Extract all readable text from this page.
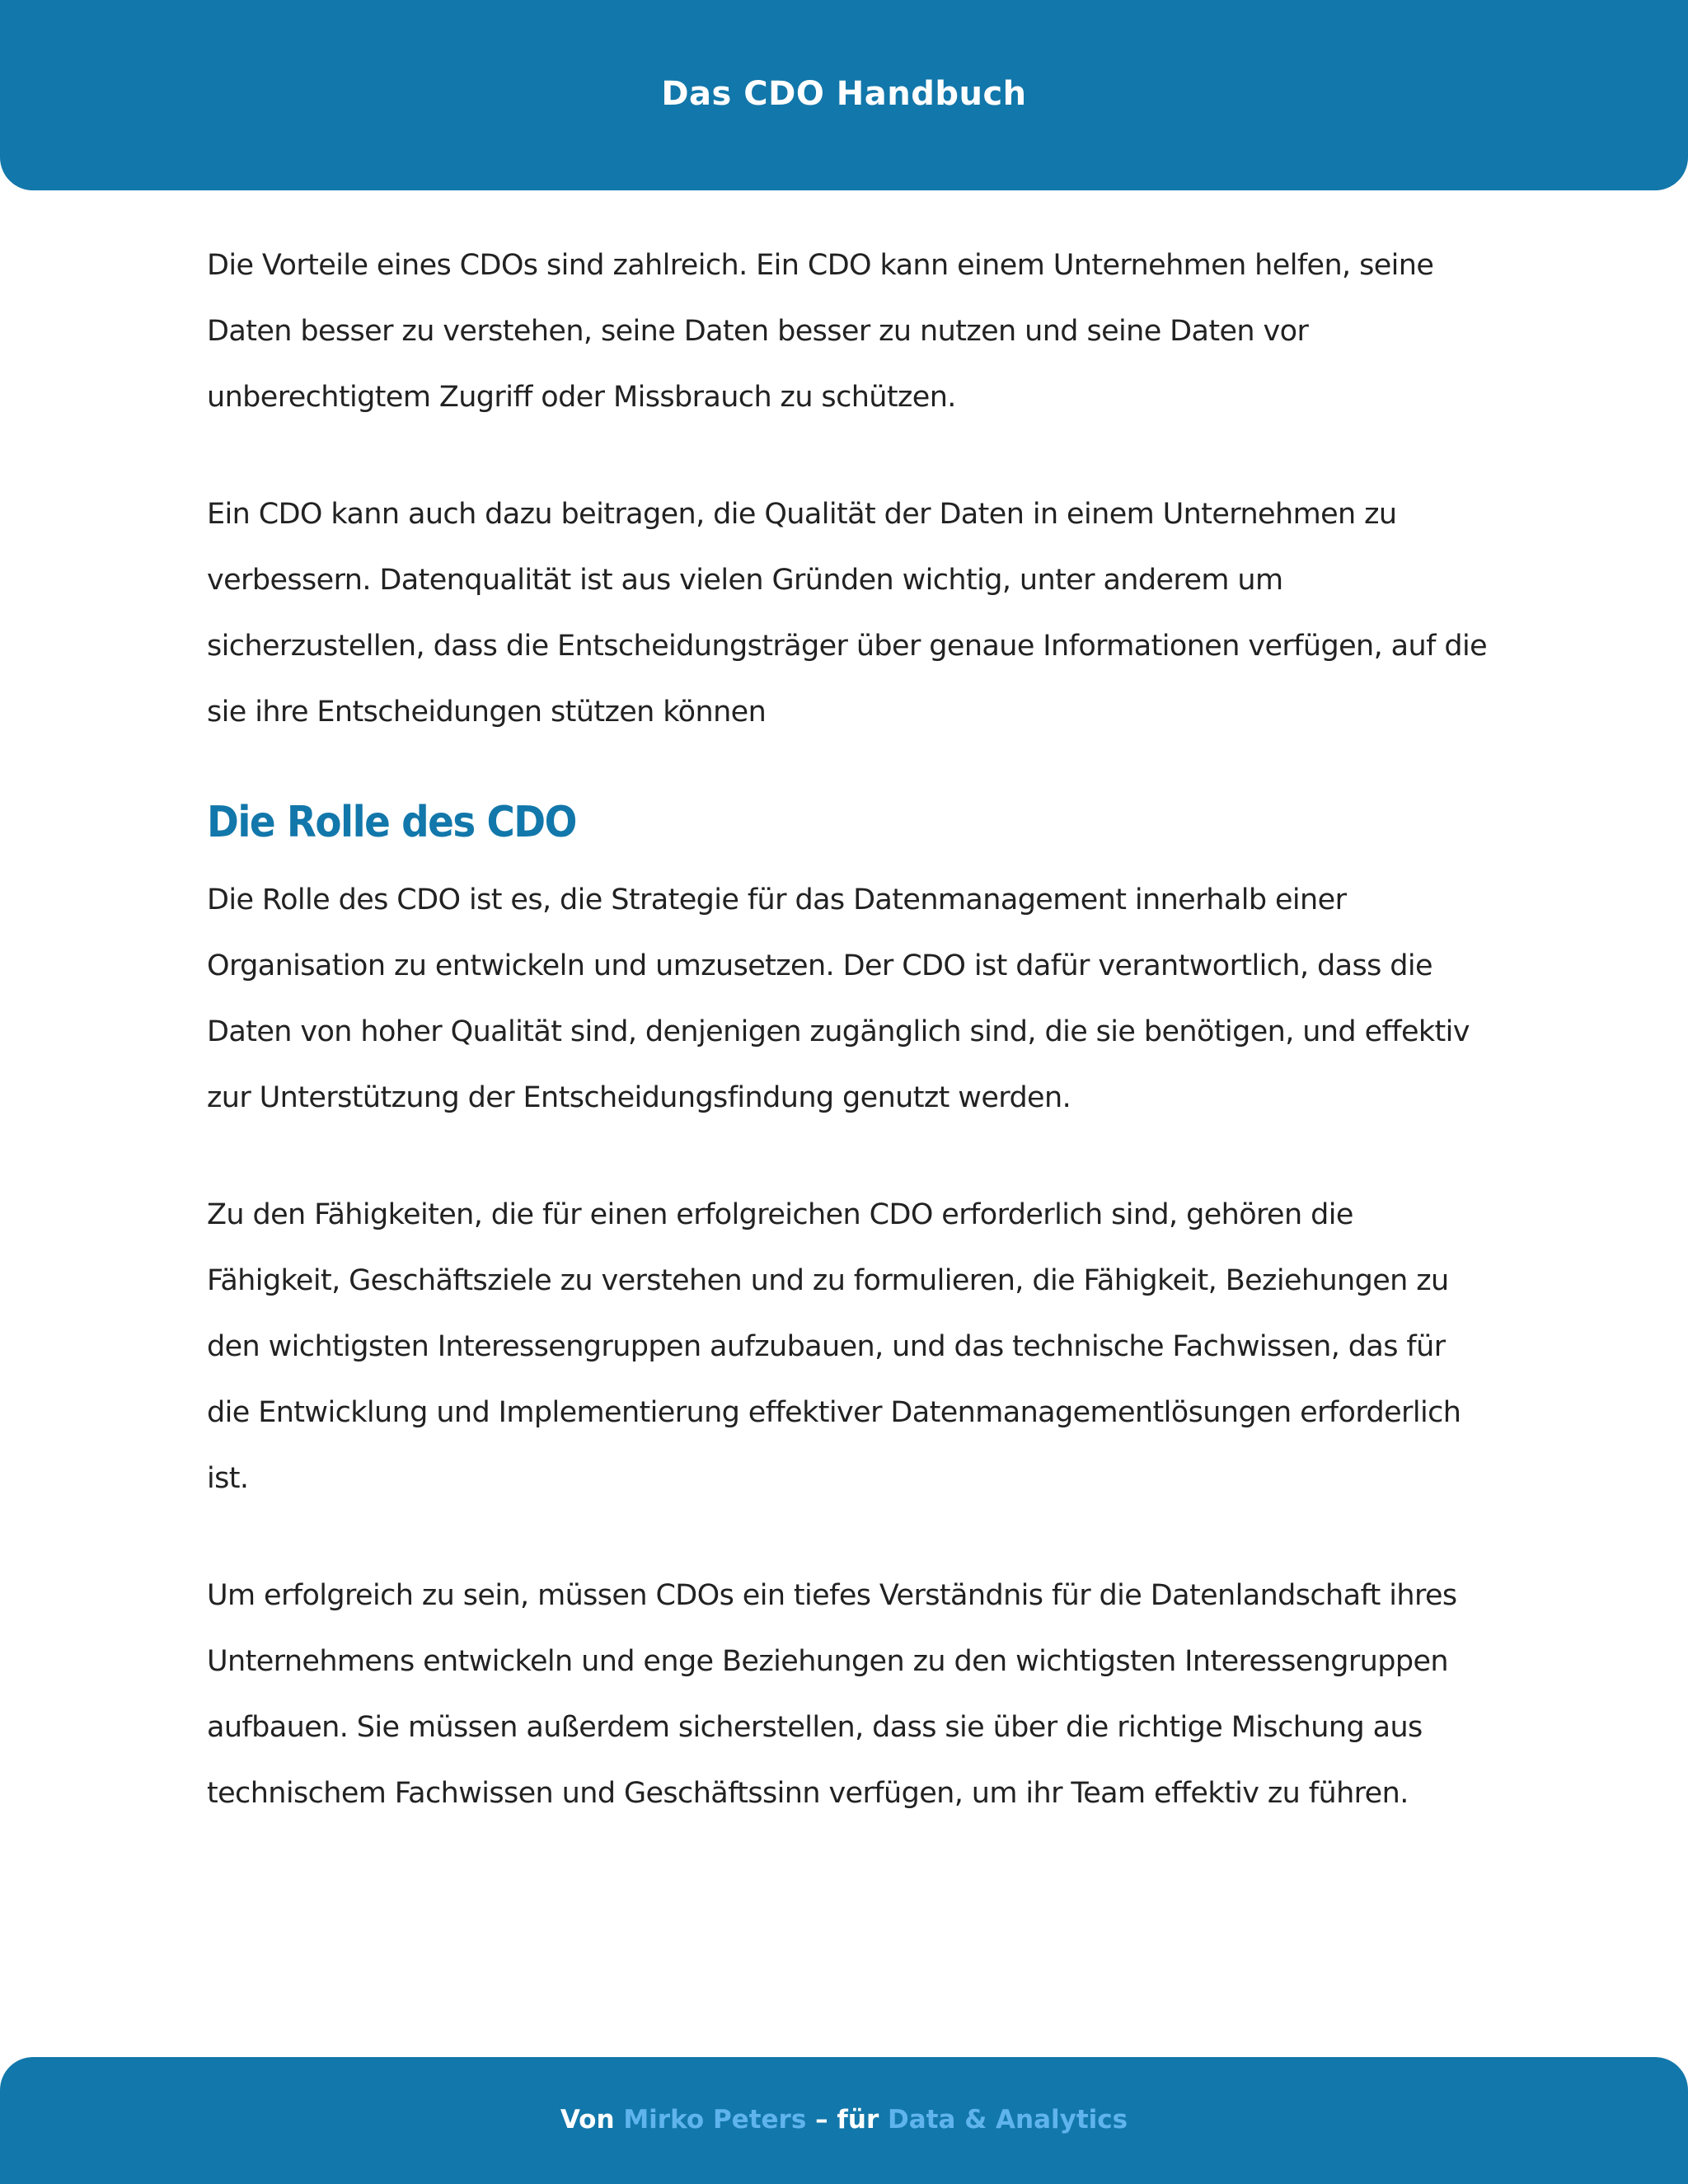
Das CDO Handbuch

Die Vorteile eines CDOs sind zahlreich. Ein CDO kann einem Unternehmen helfen, seine Daten besser zu verstehen, seine Daten besser zu nutzen und seine Daten vor unberechtigtem Zugriff oder Missbrauch zu schützen.

Ein CDO kann auch dazu beitragen, die Qualität der Daten in einem Unternehmen zu verbessern. Datenqualität ist aus vielen Gründen wichtig, unter anderem um sicherzustellen, dass die Entscheidungsträger über genaue Informationen verfügen, auf die sie ihre Entscheidungen stützen können

Die Rolle des CDO

Die Rolle des CDO ist es, die Strategie für das Datenmanagement innerhalb einer Organisation zu entwickeln und umzusetzen. Der CDO ist dafür verantwortlich, dass die Daten von hoher Qualität sind, denjenigen zugänglich sind, die sie benötigen, und effektiv zur Unterstützung der Entscheidungsfindung genutzt werden.

Zu den Fähigkeiten, die für einen erfolgreichen CDO erforderlich sind, gehören die Fähigkeit, Geschäftsziele zu verstehen und zu formulieren, die Fähigkeit, Beziehungen zu den wichtigsten Interessengruppen aufzubauen, und das technische Fachwissen, das für die Entwicklung und Implementierung effektiver Datenmanagementlösungen erforderlich ist.

Um erfolgreich zu sein, müssen CDOs ein tiefes Verständnis für die Datenlandschaft ihres Unternehmens entwickeln und enge Beziehungen zu den wichtigsten Interessengruppen aufbauen. Sie müssen außerdem sicherstellen, dass sie über die richtige Mischung aus technischem Fachwissen und Geschäftssinn verfügen, um ihr Team effektiv zu führen.

Von Mirko Peters – für Data & Analytics
